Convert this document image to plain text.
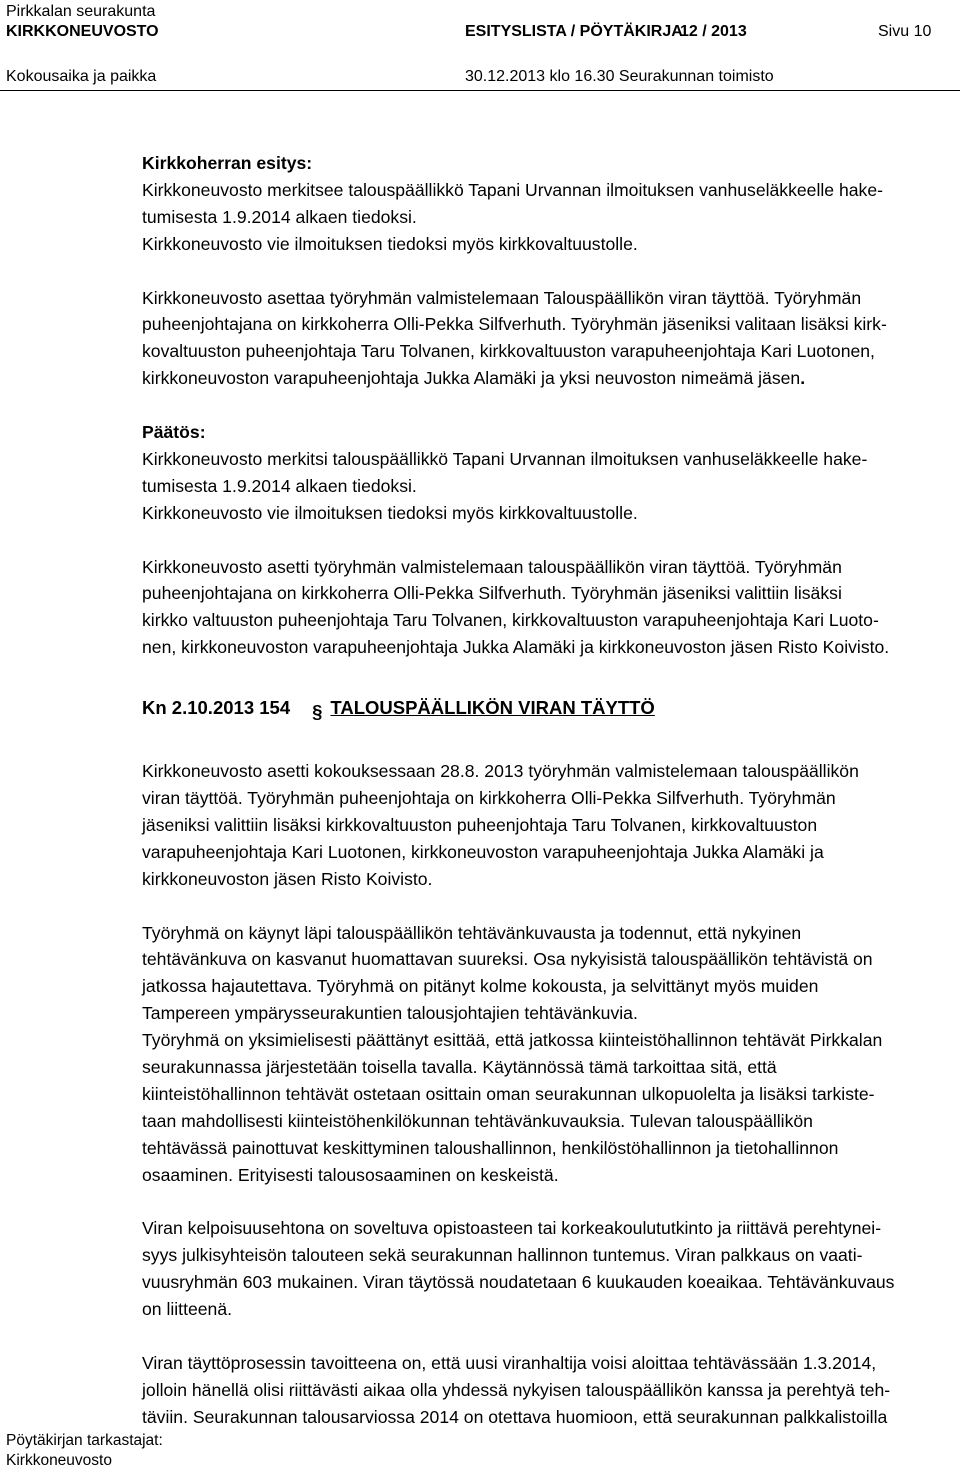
Pirkkalan seurakunta
KIRKKONEUVOSTO	ESITYSLISTA / PÖYTÄKIRJA
12 / 2013	Sivu 10
Kokousaika ja paikka	30.12.2013 klo 16.30 Seurakunnan toimisto

Kirkkoherran esitys:

Kirkkoneuvosto merkitsee talouspäällikkö Tapani Urvannan ilmoituksen vanhuseläkkeelle hake-

tumisesta 1.9.2014 alkaen tiedoksi.

Kirkkoneuvosto vie ilmoituksen tiedoksi myös kirkkovaltuustolle.

Kirkkoneuvosto asettaa työryhmän valmistelemaan Talouspäällikön viran täyttöä. Työryhmän

puheenjohtajana on kirkkoherra Olli-Pekka Silfverhuth. Työryhmän jäseniksi valitaan lisäksi kirk-

kovaltuuston puheenjohtaja Taru Tolvanen, kirkkovaltuuston varapuheenjohtaja Kari Luotonen,

kirkkoneuvoston varapuheenjohtaja Jukka Alamäki ja yksi neuvoston nimeämä jäsen.

Päätös:

Kirkkoneuvosto merkitsi talouspäällikkö Tapani Urvannan ilmoituksen vanhuseläkkeelle hake-

tumisesta 1.9.2014 alkaen tiedoksi.

Kirkkoneuvosto vie ilmoituksen tiedoksi myös kirkkovaltuustolle.

Kirkkoneuvosto asetti työryhmän valmistelemaan talouspäällikön viran täyttöä. Työryhmän

puheenjohtajana on kirkkoherra Olli-Pekka Silfverhuth. Työryhmän jäseniksi valittiin lisäksi

kirkko valtuuston puheenjohtaja Taru Tolvanen, kirkkovaltuuston varapuheenjohtaja Kari Luoto-

nen, kirkkoneuvoston varapuheenjohtaja Jukka Alamäki ja kirkkoneuvoston jäsen Risto Koivisto.

Kn 2.10.2013 154 § TALOUSPÄÄLLIKÖN VIRAN TÄYTTÖ

Kirkkoneuvosto asetti kokouksessaan 28.8. 2013 työryhmän valmistelemaan talouspäällikön

viran täyttöä. Työryhmän puheenjohtaja on kirkkoherra Olli-Pekka Silfverhuth. Työryhmän

jäseniksi valittiin lisäksi kirkkovaltuuston puheenjohtaja Taru Tolvanen, kirkkovaltuuston

varapuheenjohtaja Kari Luotonen, kirkkoneuvoston varapuheenjohtaja Jukka Alamäki ja

kirkkoneuvoston jäsen Risto Koivisto.

Työryhmä on käynyt läpi talouspäällikön tehtävänkuvausta ja todennut, että nykyinen

tehtävänkuva on kasvanut huomattavan suureksi. Osa nykyisistä talouspäällikön tehtävistä on

jatkossa hajautettava. Työryhmä on pitänyt kolme kokousta, ja selvittänyt myös muiden

Tampereen ympärysseurakuntien talousjohtajien tehtävänkuvia.

Työryhmä on yksimielisesti päättänyt esittää, että jatkossa kiinteistöhallinnon tehtävät Pirkkalan

seurakunnassa järjestetään toisella tavalla. Käytännössä tämä tarkoittaa sitä, että

kiinteistöhallinnon tehtävät ostetaan osittain oman seurakunnan ulkopuolelta ja lisäksi tarkiste-

taan mahdollisesti kiinteistöhenkilökunnan tehtävänkuvauksia. Tulevan talouspäällikön

tehtävässä painottuvat keskittyminen taloushallinnon, henkilöstöhallinnon ja tietohallinnon

osaaminen. Erityisesti talousosaaminen on keskeistä.

Viran kelpoisuusehtona on soveltuva opistoasteen tai korkeakoulututkinto ja riittävä perehtynei-

syys julkisyhteisön talouteen sekä seurakunnan hallinnon tuntemus. Viran palkkaus on vaati-

vuusryhmän 603 mukainen. Viran täytössä noudatetaan 6 kuukauden koeaikaa. Tehtävänkuvaus

on liitteenä.

Viran täyttöprosessin tavoitteena on, että uusi viranhaltija voisi aloittaa tehtävässään 1.3.2014,

jolloin hänellä olisi riittävästi aikaa olla yhdessä nykyisen talouspäällikön kanssa ja perehtyä teh-

täviin. Seurakunnan talousarviossa 2014 on otettava huomioon, että seurakunnan palkkalistoilla

Pöytäkirjan tarkastajat:
Kirkkoneuvosto
